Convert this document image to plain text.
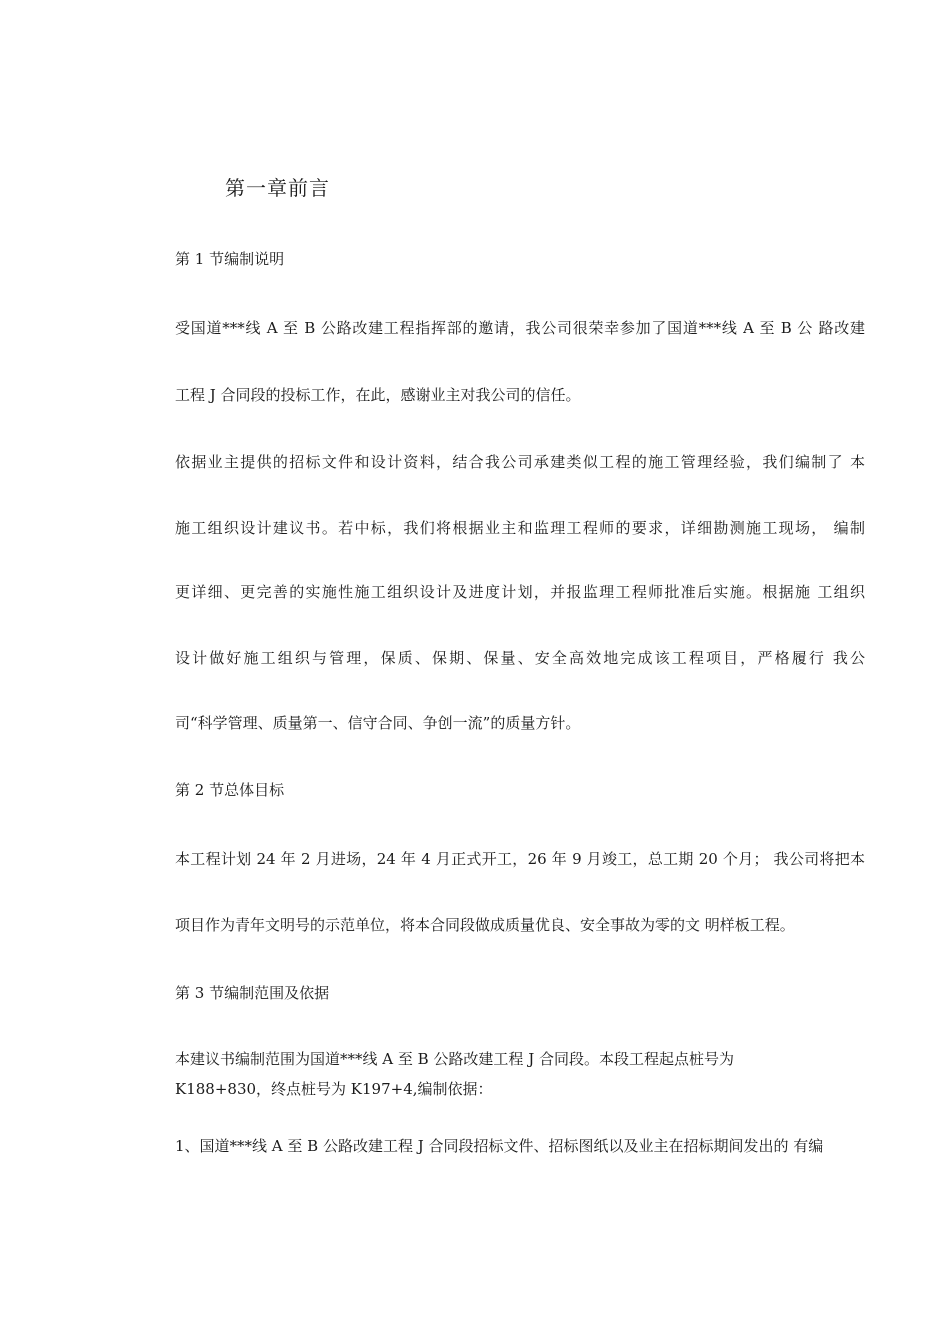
第一章前言
第 1 节编制说明
受国道***线 A 至 B 公路改建工程指挥部的邀请，我公司很荣幸参加了国道***线 A 至 B 公 路改建
工程 J 合同段的投标工作，在此，感谢业主对我公司的信任。
依据业主提供的招标文件和设计资料，结合我公司承建类似工程的施工管理经验，我们编制了 本
施工组织设计建议书。若中标，我们将根据业主和监理工程师的要求，详细勘测施工现场， 编制
更详细、更完善的实施性施工组织设计及进度计划，并报监理工程师批准后实施。根据施 工组织
设计做好施工组织与管理，保质、保期、保量、安全高效地完成该工程项目，严格履行 我公
司“科学管理、质量第一、信守合同、争创一流”的质量方针。
第 2 节总体目标
本工程计划 24 年 2 月进场，24 年 4 月正式开工，26 年 9 月竣工，总工期 20 个月； 我公司将把本
项目作为青年文明号的示范单位，将本合同段做成质量优良、安全事故为零的文 明样板工程。
第 3 节编制范围及依据
本建议书编制范围为国道***线 A 至 B 公路改建工程 J 合同段。本段工程起点桩号为
K188+830，终点桩号为 K197+4,编制依据：
1、国道***线 A 至 B 公路改建工程 J 合同段招标文件、招标图纸以及业主在招标期间发出的 有编
